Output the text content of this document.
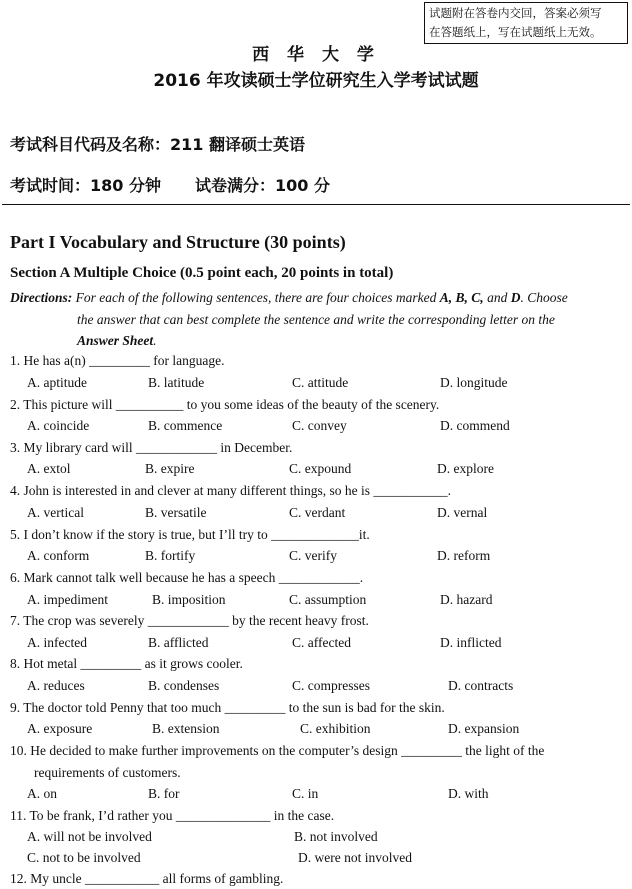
试题附在答卷内交回，答案必须写
在答题纸上，写在试题纸上无效。
西 华 大 学
2016 年攻读硕士学位研究生入学考试试题
考试科目代码及名称：211 翻译硕士英语
考试时间：180 分钟 试卷满分：100 分
Part I Vocabulary and Structure (30 points)
Section A Multiple Choice (0.5 point each, 20 points in total)
Directions: For each of the following sentences, there are four choices marked A, B, C, and D. Choose
the answer that can best complete the sentence and write the corresponding letter on the
Answer Sheet.
1. He has a(n) _________ for language.
A. aptitude	B. latitude	C. attitude	D. longitude
2. This picture will __________ to you some ideas of the beauty of the scenery.
A. coincide	B. commence	C. convey	D. commend
3. My library card will ____________ in December.
A. extol	B. expire	C. expound	D. explore
4. John is interested in and clever at many different things, so he is ___________.
A. vertical	B. versatile	C. verdant	D. vernal
5. I don’t know if the story is true, but I’ll try to _____________it.
A. conform	B. fortify	C. verify	D. reform
6. Mark cannot talk well because he has a speech ____________.
A. impediment	B. imposition	C. assumption	D. hazard
7. The crop was severely ____________ by the recent heavy frost.
A. infected	B. afflicted	C. affected	D. inflicted
8. Hot metal _________ as it grows cooler.
A. reduces	B. condenses	C. compresses	D. contracts
9. The doctor told Penny that too much _________ to the sun is bad for the skin.
A. exposure	B. extension	C. exhibition	D. expansion
10. He decided to make further improvements on the computer’s design _________ the light of the
requirements of customers.
A. on	B. for	C. in	D. with
11. To be frank, I’d rather you ______________ in the case.
A. will not be involved	B. not involved
C. not to be involved	D. were not involved
12. My uncle ___________ all forms of gambling.
